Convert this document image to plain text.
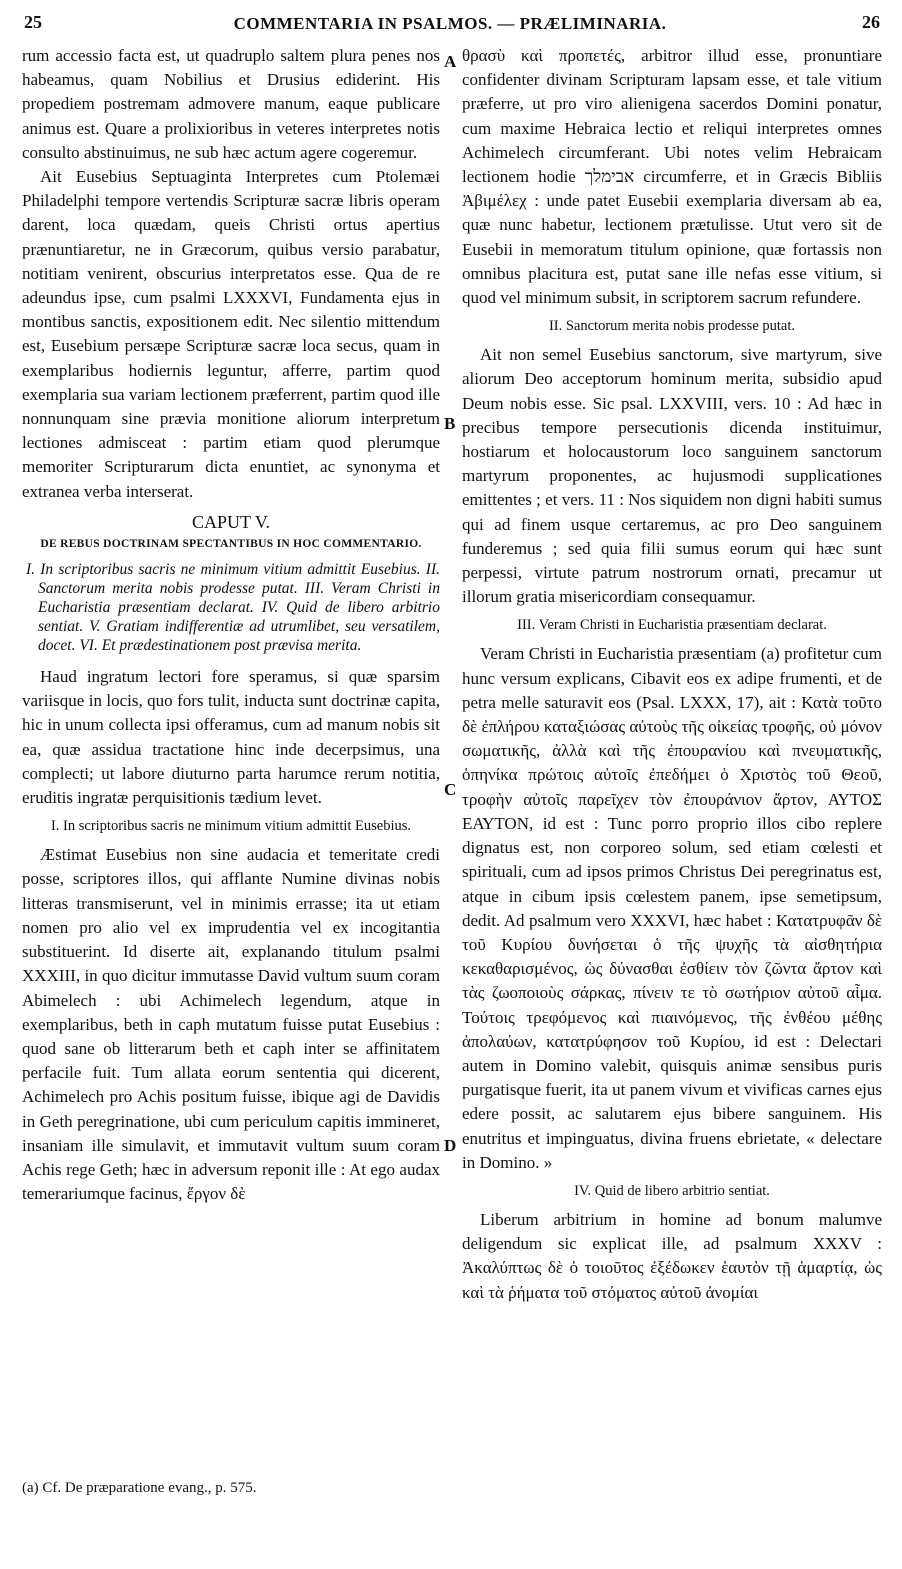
25	COMMENTARIA IN PSALMOS. — PRÆLIMINARIA.	26
A
B
C
D

rum accessio facta est, ut quadruplo saltem plura penes nos habeamus, quam Nobilius et Drusius ediderint. His propediem postremam admovere manum, eaque publicare animus est. Quare a prolixioribus in veteres interpretes notis consulto abstinuimus, ne sub hæc actum agere cogeremur.

Ait Eusebius Septuaginta Interpretes cum Ptolemæi Philadelphi tempore vertendis Scripturæ sacræ libris operam darent, loca quædam, queis Christi ortus apertius prænuntiaretur, ne in Græcorum, quibus versio parabatur, notitiam venirent, obscurius interpretatos esse. Qua de re adeundus ipse, cum psalmi LXXXVI, Fundamenta ejus in montibus sanctis, expositionem edit. Nec silentio mittendum est, Eusebium persæpe Scripturæ sacræ loca secus, quam in exemplaribus hodiernis leguntur, afferre, partim quod exemplaria sua variam lectionem præferrent, partim quod ille nonnunquam sine prævia monitione aliorum interpretum lectiones admisceat : partim etiam quod plerumque memoriter Scripturarum dicta enuntiet, ac synonyma et extranea verba interserat.

CAPUT V.
DE REBUS DOCTRINAM SPECTANTIBUS IN HOC COMMENTARIO.
I. In scriptoribus sacris ne minimum vitium admittit Eusebius. II. Sanctorum merita nobis prodesse putat. III. Veram Christi in Eucharistia præsentiam declarat. IV. Quid de libero arbitrio sentiat. V. Gratiam indifferentiæ ad utrumlibet, seu versatilem, docet. VI. Et prædestinationem post prævisa merita.

Haud ingratum lectori fore speramus, si quæ sparsim variisque in locis, quo fors tulit, inducta sunt doctrinæ capita, hic in unum collecta ipsi offeramus, cum ad manum nobis sit ea, quæ assidua tractatione hinc inde decerpsimus, una complecti; ut labore diuturno parta harumce rerum notitia, eruditis ingratæ perquisitionis tædium levet.

I. In scriptoribus sacris ne minimum vitium admittit Eusebius.

Æstimat Eusebius non sine audacia et temeritate credi posse, scriptores illos, qui afflante Numine divinas nobis litteras transmiserunt, vel in minimis errasse; ita ut etiam nomen pro alio vel ex imprudentia vel ex incogitantia substituerint. Id diserte ait, explanando titulum psalmi XXXIII, in quo dicitur immutasse David vultum suum coram Abimelech : ubi Achimelech legendum, atque in exemplaribus, beth in caph mutatum fuisse putat Eusebius : quod sane ob litterarum beth et caph inter se affinitatem perfacile fuit. Tum allata eorum sententia qui dicerent, Achimelech pro Achis positum fuisse, ibique agi de Davidis in Geth peregrinatione, ubi cum periculum capitis immineret, insaniam ille simulavit, et immutavit vultum suum coram Achis rege Geth; hæc in adversum reponit ille : At ego audax temerariumque facinus, ἔργον δὲ

(a) Cf. De præparatione evang., p. 575.

θρασὺ καὶ προπετές, arbitror illud esse, pronuntiare confidenter divinam Scripturam lapsam esse, et tale vitium præferre, ut pro viro alienigena sacerdos Domini ponatur, cum maxime Hebraica lectio et reliqui interpretes omnes Achimelech circumferant. Ubi notes velim Hebraicam lectionem hodie אבימלך circumferre, et in Græcis Bibliis Ἀβιμέλεχ : unde patet Eusebii exemplaria diversam ab ea, quæ nunc habetur, lectionem prætulisse. Utut vero sit de Eusebii in memoratum titulum opinione, quæ fortassis non omnibus placitura est, putat sane ille nefas esse vitium, si quod vel minimum subsit, in scriptorem sacrum refundere.

II. Sanctorum merita nobis prodesse putat.

Ait non semel Eusebius sanctorum, sive martyrum, sive aliorum Deo acceptorum hominum merita, subsidio apud Deum nobis esse. Sic psal. LXXVIII, vers. 10 : Ad hæc in precibus tempore persecutionis dicenda instituimur, hostiarum et holocaustorum loco sanguinem sanctorum martyrum proponentes, ac hujusmodi supplicationes emittentes ; et vers. 11 : Nos siquidem non digni habiti sumus qui ad finem usque certaremus, ac pro Deo sanguinem funderemus ; sed quia filii sumus eorum qui hæc sunt perpessi, virtute patrum nostrorum ornati, precamur ut illorum gratia misericordiam consequamur.

III. Veram Christi in Eucharistia præsentiam declarat.

Veram Christi in Eucharistia præsentiam (a) profitetur cum hunc versum explicans, Cibavit eos ex adipe frumenti, et de petra melle saturavit eos (Psal. LXXX, 17), ait : Κατὰ τοῦτο δὲ ἐπλήρου καταξιώσας αὐτοὺς τῆς οἰκείας τροφῆς, οὐ μόνον σωματικῆς, ἀλλὰ καὶ τῆς ἐπουρανίου καὶ πνευματικῆς, ὁπηνίκα πρώτοις αὐτοῖς ἐπεδήμει ὁ Χριστὸς τοῦ Θεοῦ, τροφὴν αὐτοῖς παρεῖχεν τὸν ἐπουράνιον ἄρτον, ΑΥΤΟΣ ΕΑΥΤΟΝ, id est : Tunc porro proprio illos cibo replere dignatus est, non corporeo solum, sed etiam cœlesti et spirituali, cum ad ipsos primos Christus Dei peregrinatus est, atque in cibum ipsis cœlestem panem, ipse semetipsum, dedit. Ad psalmum vero XXXVI, hæc habet : Κατατρυφᾶν δὲ τοῦ Κυρίου δυνήσεται ὁ τῆς ψυχῆς τὰ αἰσθητήρια κεκαθαρισμένος, ὡς δύνασθαι ἐσθίειν τὸν ζῶντα ἄρτον καὶ τὰς ζωοποιοὺς σάρκας, πίνειν τε τὸ σωτήριον αὐτοῦ αἷμα. Τούτοις τρεφόμενος καὶ πιαινόμενος, τῆς ἐνθέου μέθης ἀπολαύων, κατατρύφησον τοῦ Κυρίου, id est : Delectari autem in Domino valebit, quisquis animæ sensibus puris purgatisque fuerit, ita ut panem vivum et vivificas carnes ejus edere possit, ac salutarem ejus bibere sanguinem. His enutritus et impinguatus, divina fruens ebrietate, « delectare in Domino. »

IV. Quid de libero arbitrio sentiat.

Liberum arbitrium in homine ad bonum malumve deligendum sic explicat ille, ad psalmum XXXV : Ἀκαλύπτως δὲ ὁ τοιοῦτος ἐξέδωκεν ἑαυτὸν τῇ ἁμαρτίᾳ, ὡς καὶ τὰ ῥήματα τοῦ στόματος αὐτοῦ ἀνομίαι
